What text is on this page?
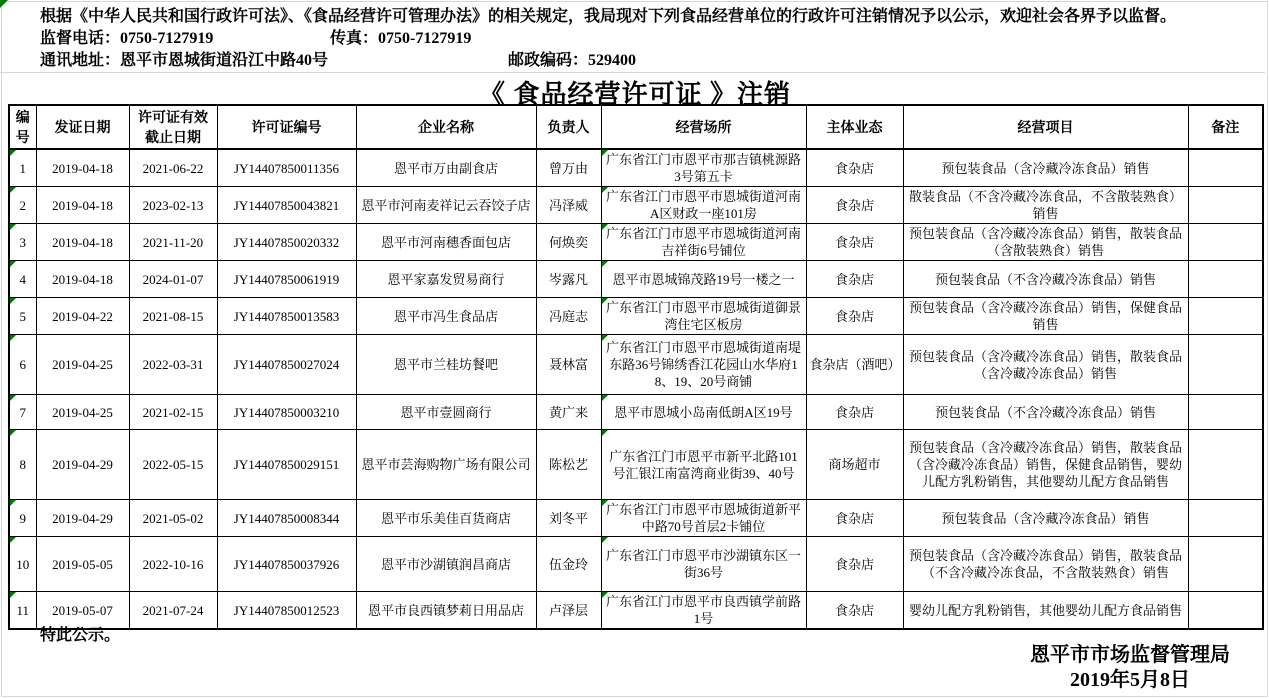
根据《中华人民共和国行政许可法》、《食品经营许可管理办法》的相关规定，我局现对下列食品经营单位的行政许可注销情况予以公示，欢迎社会各界予以监督。
监督电话：0750-7127919	传真：0750-7127919
通讯地址：恩平市恩城街道沿江中路40号	邮政编码：529400
《 食品经营许可证 》注销
编号	发证日期	许可证有效截止日期	许可证编号	企业名称	负责人	经营场所	主体业态	经营项目	备注
1	2019-04-18	2021-06-22	JY14407850011356	恩平市万由副食店	曾万由	广东省江门市恩平市那吉镇桃源路3号第五卡	食杂店	预包装食品（含冷藏冷冻食品）销售	
2	2019-04-18	2023-02-13	JY14407850043821	恩平市河南麦祥记云吞饺子店	冯泽威	广东省江门市恩平市恩城街道河南A区财政一座101房	食杂店	散装食品（不含冷藏冷冻食品，不含散装熟食）销售	
3	2019-04-18	2021-11-20	JY14407850020332	恩平市河南穗香面包店	何焕奕	广东省江门市恩平市恩城街道河南吉祥街6号铺位	食杂店	预包装食品（含冷藏冷冻食品）销售，散装食品（含散装熟食）销售	
4	2019-04-18	2024-01-07	JY14407850061919	恩平家嘉发贸易商行	岑露凡	恩平市恩城锦茂路19号一楼之一	食杂店	预包装食品（不含冷藏冷冻食品）销售	
5	2019-04-22	2021-08-15	JY14407850013583	恩平市冯生食品店	冯庭志	广东省江门市恩平市恩城街道御景湾住宅区板房	食杂店	预包装食品（含冷藏冷冻食品）销售，保健食品销售	
6	2019-04-25	2022-03-31	JY14407850027024	恩平市兰桂坊餐吧	聂林富	广东省江门市恩平市恩城街道南堤东路36号锦绣香江花园山水华府18、19、20号商铺	食杂店（酒吧）	预包装食品（含冷藏冷冻食品）销售，散装食品（含冷藏冷冻食品）销售	
7	2019-04-25	2021-02-15	JY14407850003210	恩平市壹圆商行	黄广来	恩平市恩城小岛南低朗A区19号	食杂店	预包装食品（不含冷藏冷冻食品）销售	
8	2019-04-29	2022-05-15	JY14407850029151	恩平市芸海购物广场有限公司	陈松艺	广东省江门市恩平市新平北路101号汇银江南富湾商业街39、40号	商场超市	预包装食品（含冷藏冷冻食品）销售，散装食品（含冷藏冷冻食品）销售，保健食品销售，婴幼儿配方乳粉销售，其他婴幼儿配方食品销售	
9	2019-04-29	2021-05-02	JY14407850008344	恩平市乐美佳百货商店	刘冬平	广东省江门市恩平市恩城街道新平中路70号首层2卡铺位	食杂店	预包装食品（含冷藏冷冻食品）销售	
10	2019-05-05	2022-10-16	JY14407850037926	恩平市沙湖镇润昌商店	伍金玲	广东省江门市恩平市沙湖镇东区一街36号	食杂店	预包装食品（含冷藏冷冻食品）销售，散装食品（不含冷藏冷冻食品，不含散装熟食）销售	
11	2019-05-07	2021-07-24	JY14407850012523	恩平市良西镇梦莉日用品店	卢泽层	广东省江门市恩平市良西镇学前路1号	食杂店	婴幼儿配方乳粉销售，其他婴幼儿配方食品销售	
特此公示。
恩平市市场监督管理局
2019年5月8日
